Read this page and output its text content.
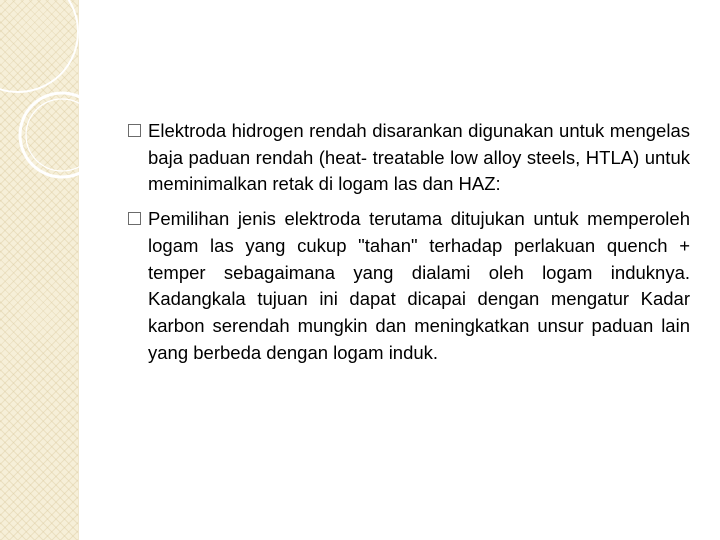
Elektroda hidrogen rendah disarankan digunakan untuk mengelas baja paduan rendah (heat- treatable low alloy steels, HTLA) untuk meminimalkan retak di logam las dan HAZ:
Pemilihan jenis elektroda terutama ditujukan untuk memperoleh logam las yang cukup "tahan" terhadap perlakuan quench + temper sebagaimana yang dialami oleh logam induknya. Kadangkala tujuan ini dapat dicapai dengan mengatur Kadar karbon serendah mungkin dan meningkatkan unsur paduan lain yang berbeda dengan logam induk.
